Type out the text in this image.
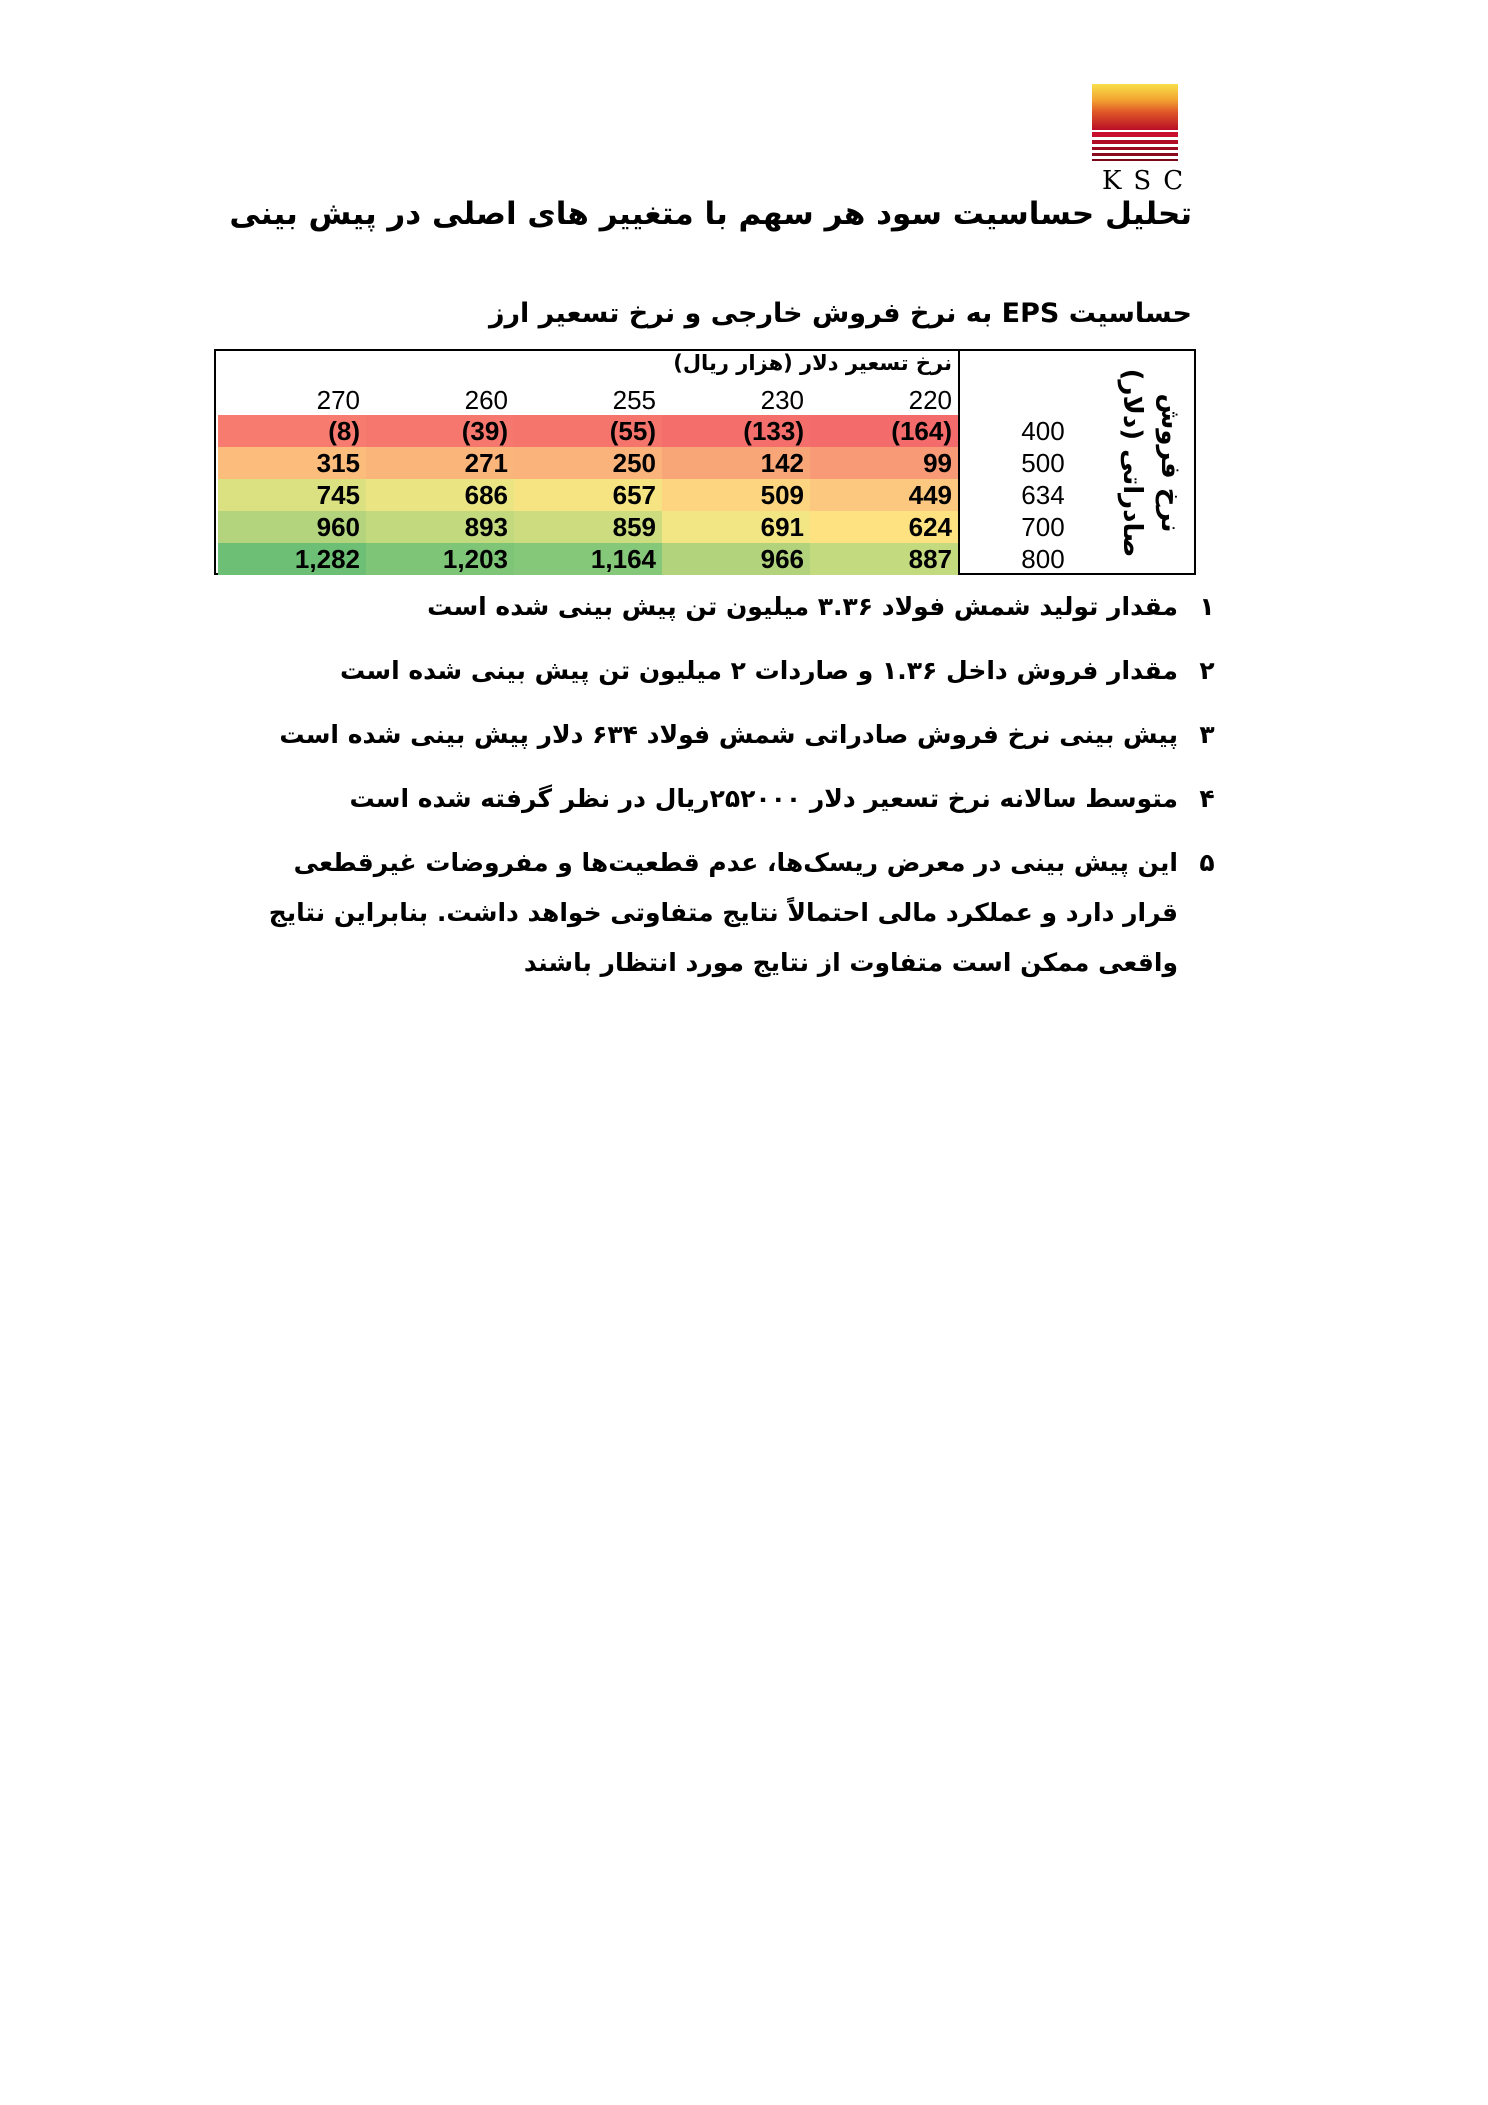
KSC
تحلیل حساسیت سود هر سهم با متغییر های اصلی در پیش بینی
حساسیت EPS به نرخ فروش خارجی و نرخ تسعیر ارز
نرخ تسعیر دلار (هزار ریال)
220
230
255
260
270
(164)
(133)
(55)
(39)
(8)
99
142
250
271
315
449
509
657
686
745
624
691
859
893
960
887
966
1,164
1,203
1,282
400
500
634
700
800
نرخ فروش
صادراتی (دلار)
۱
مقدار تولید شمش فولاد ۳.۳۶ میلیون تن پیش بینی شده است
۲
مقدار فروش داخل ۱.۳۶ و صاردات ۲ میلیون تن پیش بینی شده است
۳
پیش بینی نرخ فروش صادراتی شمش فولاد ۶۳۴ دلار پیش بینی شده است
۴
متوسط سالانه نرخ تسعیر دلار ۲۵۲۰۰۰ریال در نظر گرفته شده است
۵
این پیش بینی در معرض ریسک‌ها، عدم قطعیت‌ها و مفروضات غیرقطعی قرار دارد و عملکرد مالی احتمالاً نتایج متفاوتی خواهد داشت. بنابراین نتایج واقعی ممکن است متفاوت از نتایج مورد انتظار باشند
